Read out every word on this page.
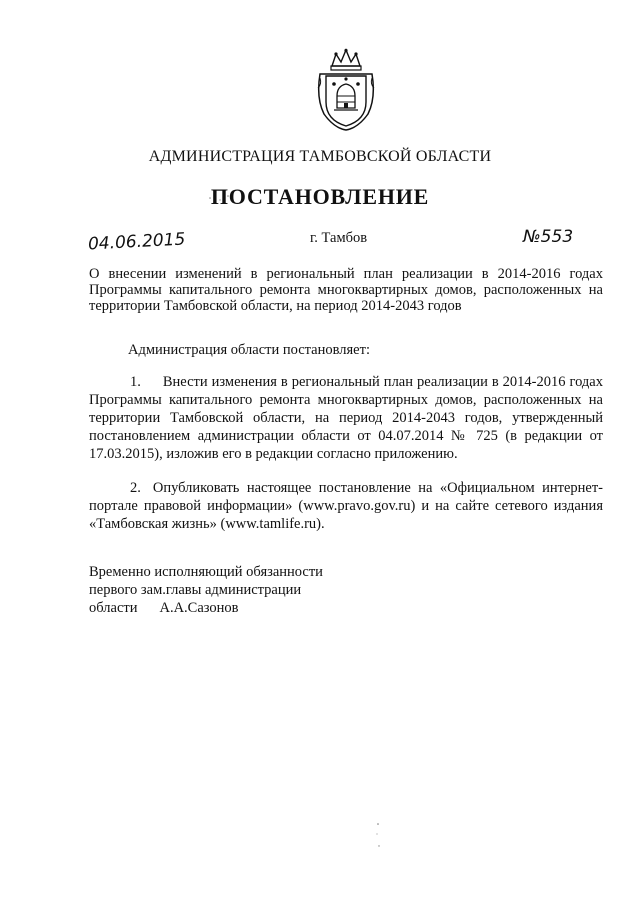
АДМИНИСТРАЦИЯ ТАМБОВСКОЙ ОБЛАСТИ
ПОСТАНОВЛЕНИЕ
04.06.2015	г. Тамбов	№553
О внесении изменений в региональный план реализации в 2014-2016 годах Программы капитального ремонта многоквартирных домов, расположенных на территории Тамбовской области, на период 2014-2043 годов
Администрация области постановляет:
1. Внести изменения в региональный план реализации в 2014-2016 годах Программы капитального ремонта многоквартирных домов, расположенных на территории Тамбовской области, на период 2014-2043 годов, утвержденный постановлением администрации области от 04.07.2014 № 725 (в редакции от 17.03.2015), изложив его в редакции согласно приложению.
2. Опубликовать настоящее постановление на «Официальном интернет-портале правовой информации» (www.pravo.gov.ru) и на сайте сетевого издания «Тамбовская жизнь» (www.tamlife.ru).
Временно исполняющий обязанности
первого зам.главы администрации
области А.А.Сазонов
